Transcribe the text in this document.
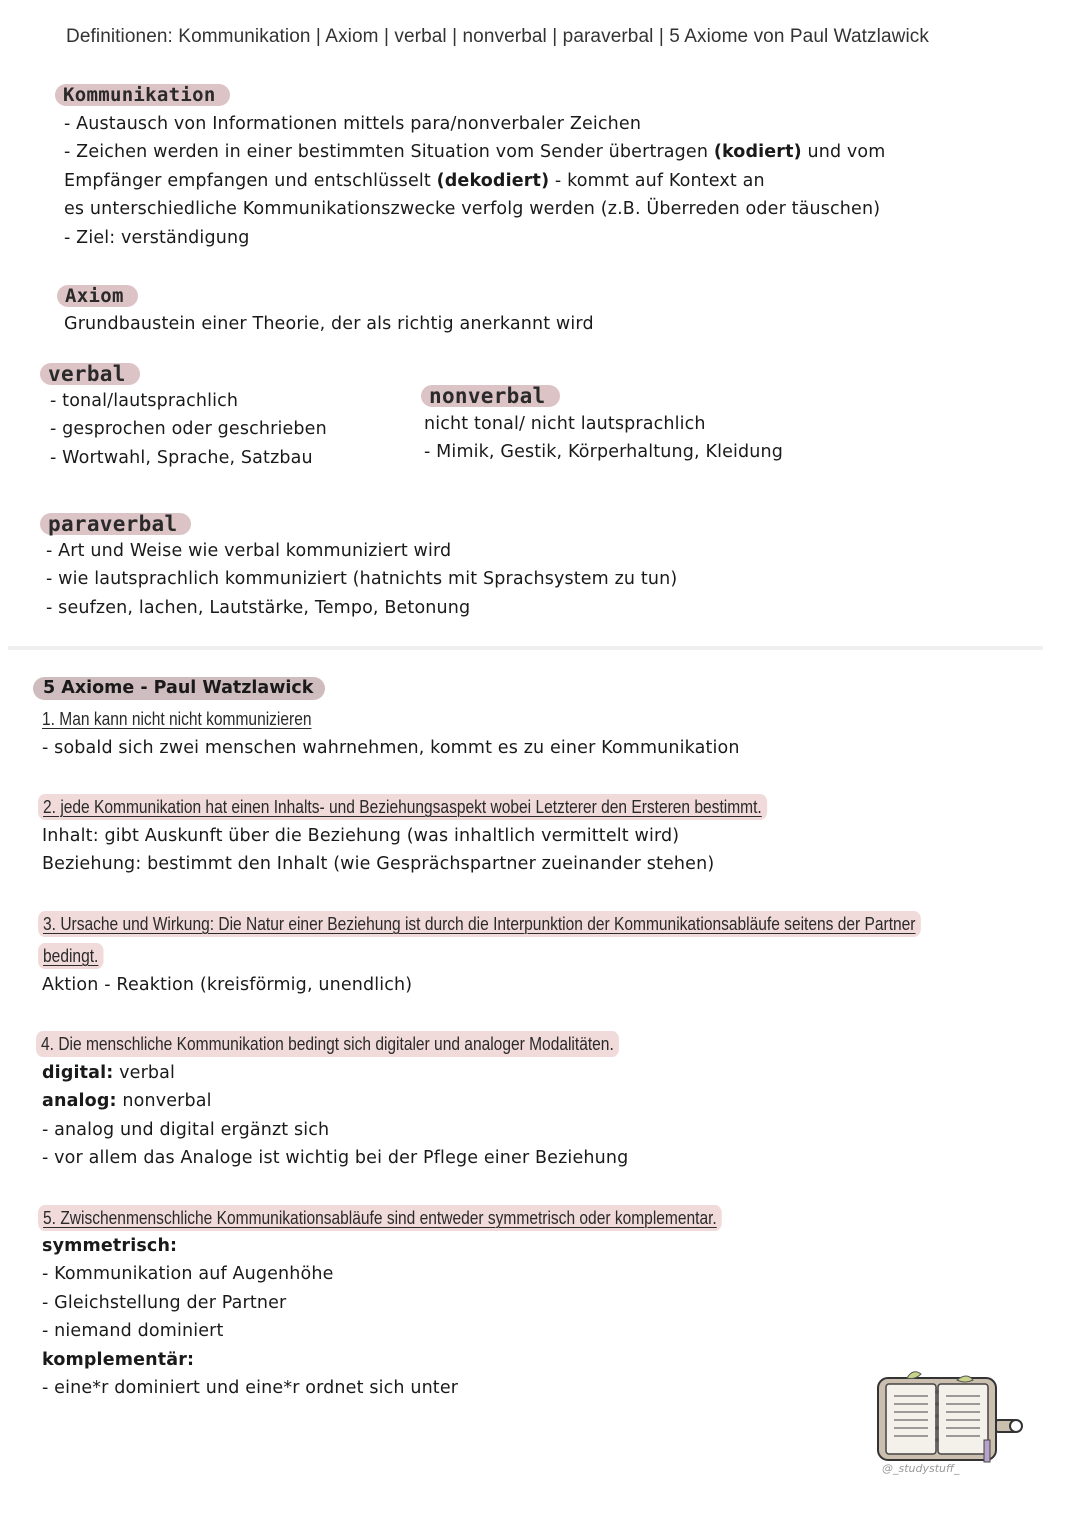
Definitionen: Kommunikation | Axiom | verbal | nonverbal | paraverbal | 5 Axiome von Paul Watzlawick
Kommunikation
- Austausch von Informationen mittels para/nonverbaler Zeichen
- Zeichen werden in einer bestimmten Situation vom Sender übertragen (kodiert) und vom
Empfänger empfangen und entschlüsselt (dekodiert) - kommt auf Kontext an
es unterschiedliche Kommunikationszwecke verfolg werden (z.B. Überreden oder täuschen)
- Ziel: verständigung
Axiom
Grundbaustein einer Theorie, der als richtig anerkannt wird
verbal
- tonal/lautsprachlich
- gesprochen oder geschrieben
- Wortwahl, Sprache, Satzbau
nonverbal
nicht tonal/ nicht lautsprachlich
- Mimik, Gestik, Körperhaltung, Kleidung
paraverbal
- Art und Weise wie verbal kommuniziert wird
- wie lautsprachlich kommuniziert (hatnichts mit Sprachsystem zu tun)
- seufzen, lachen, Lautstärke, Tempo, Betonung
5 Axiome - Paul Watzlawick
1. Man kann nicht nicht kommunizieren
- sobald sich zwei menschen wahrnehmen, kommt es zu einer Kommunikation
2. jede Kommunikation hat einen Inhalts- und Beziehungsaspekt wobei Letzterer den Ersteren bestimmt.
Inhalt: gibt Auskunft über die Beziehung (was inhaltlich vermittelt wird)
Beziehung: bestimmt den Inhalt (wie Gesprächspartner zueinander stehen)
3. Ursache und Wirkung: Die Natur einer Beziehung ist durch die Interpunktion der Kommunikationsabläufe seitens der Partner
bedingt.
Aktion - Reaktion (kreisförmig, unendlich)
4. Die menschliche Kommunikation bedingt sich digitaler und analoger Modalitäten.
digital: verbal
analog: nonverbal
- analog und digital ergänzt sich
- vor allem das Analoge ist wichtig bei der Pflege einer Beziehung
5. Zwischenmenschliche Kommunikationsabläufe sind entweder symmetrisch oder komplementar.
symmetrisch:
- Kommunikation auf Augenhöhe
- Gleichstellung der Partner
- niemand dominiert
komplementär:
- eine*r dominiert und eine*r ordnet sich unter
@_studystuff_
